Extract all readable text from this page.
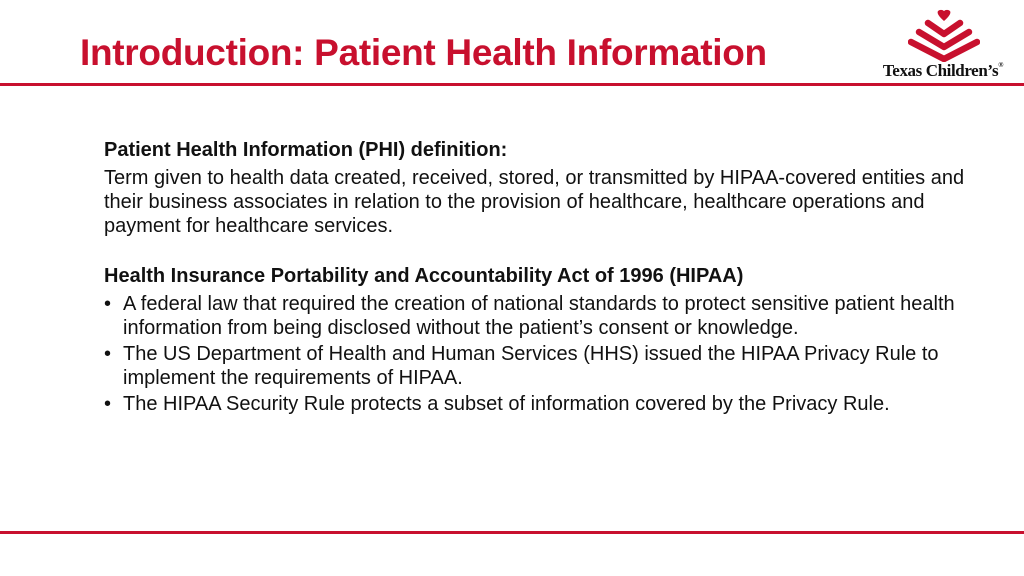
Introduction: Patient Health Information	Texas Children’s®

Patient Health Information (PHI) definition:

Term given to health data created, received, stored, or transmitted by HIPAA-covered entities and their business associates in relation to the provision of healthcare, healthcare operations and payment for healthcare services.

Health Insurance Portability and Accountability Act of 1996 (HIPAA)

• A federal law that required the creation of national standards to protect sensitive patient health information from being disclosed without the patient’s consent or knowledge.
• The US Department of Health and Human Services (HHS) issued the HIPAA Privacy Rule to implement the requirements of HIPAA.
• The HIPAA Security Rule protects a subset of information covered by the Privacy Rule.
